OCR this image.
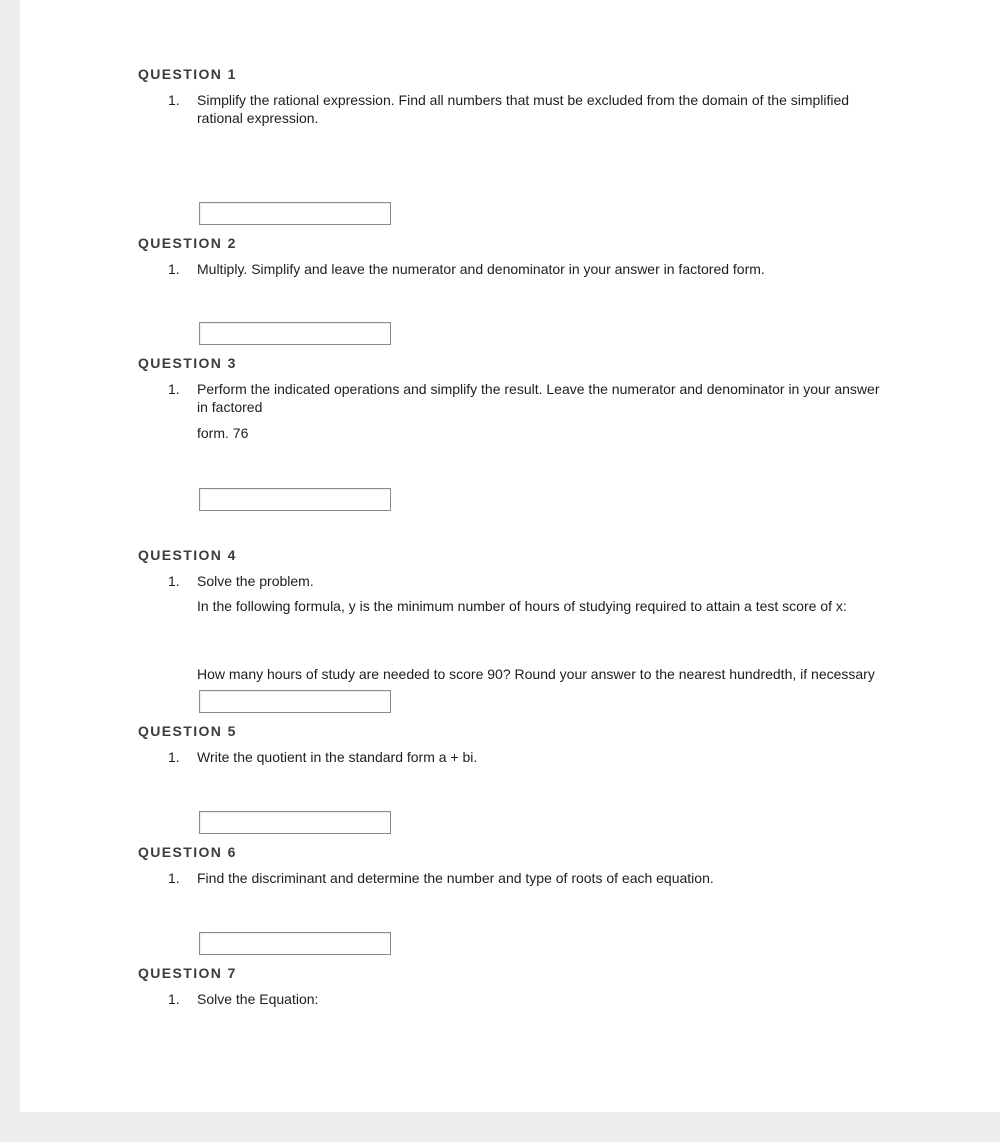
QUESTION 1
1.	Simplify the rational expression. Find all numbers that must be excluded from the domain of the simplified rational expression.

QUESTION 2
1.	Multiply. Simplify and leave the numerator and denominator in your answer in factored form.

QUESTION 3
1.	Perform the indicated operations and simplify the result. Leave the numerator and denominator in your answer in factored

form. 76

QUESTION 4
1.	Solve the problem.

In the following formula, y is the minimum number of hours of studying required to attain a test score of x:

How many hours of study are needed to score 90? Round your answer to the nearest hundredth, if necessary

QUESTION 5
1.	Write the quotient in the standard form a + bi.

QUESTION 6
1.	Find the discriminant and determine the number and type of roots of each equation.

QUESTION 7
1.	Solve the Equation:
